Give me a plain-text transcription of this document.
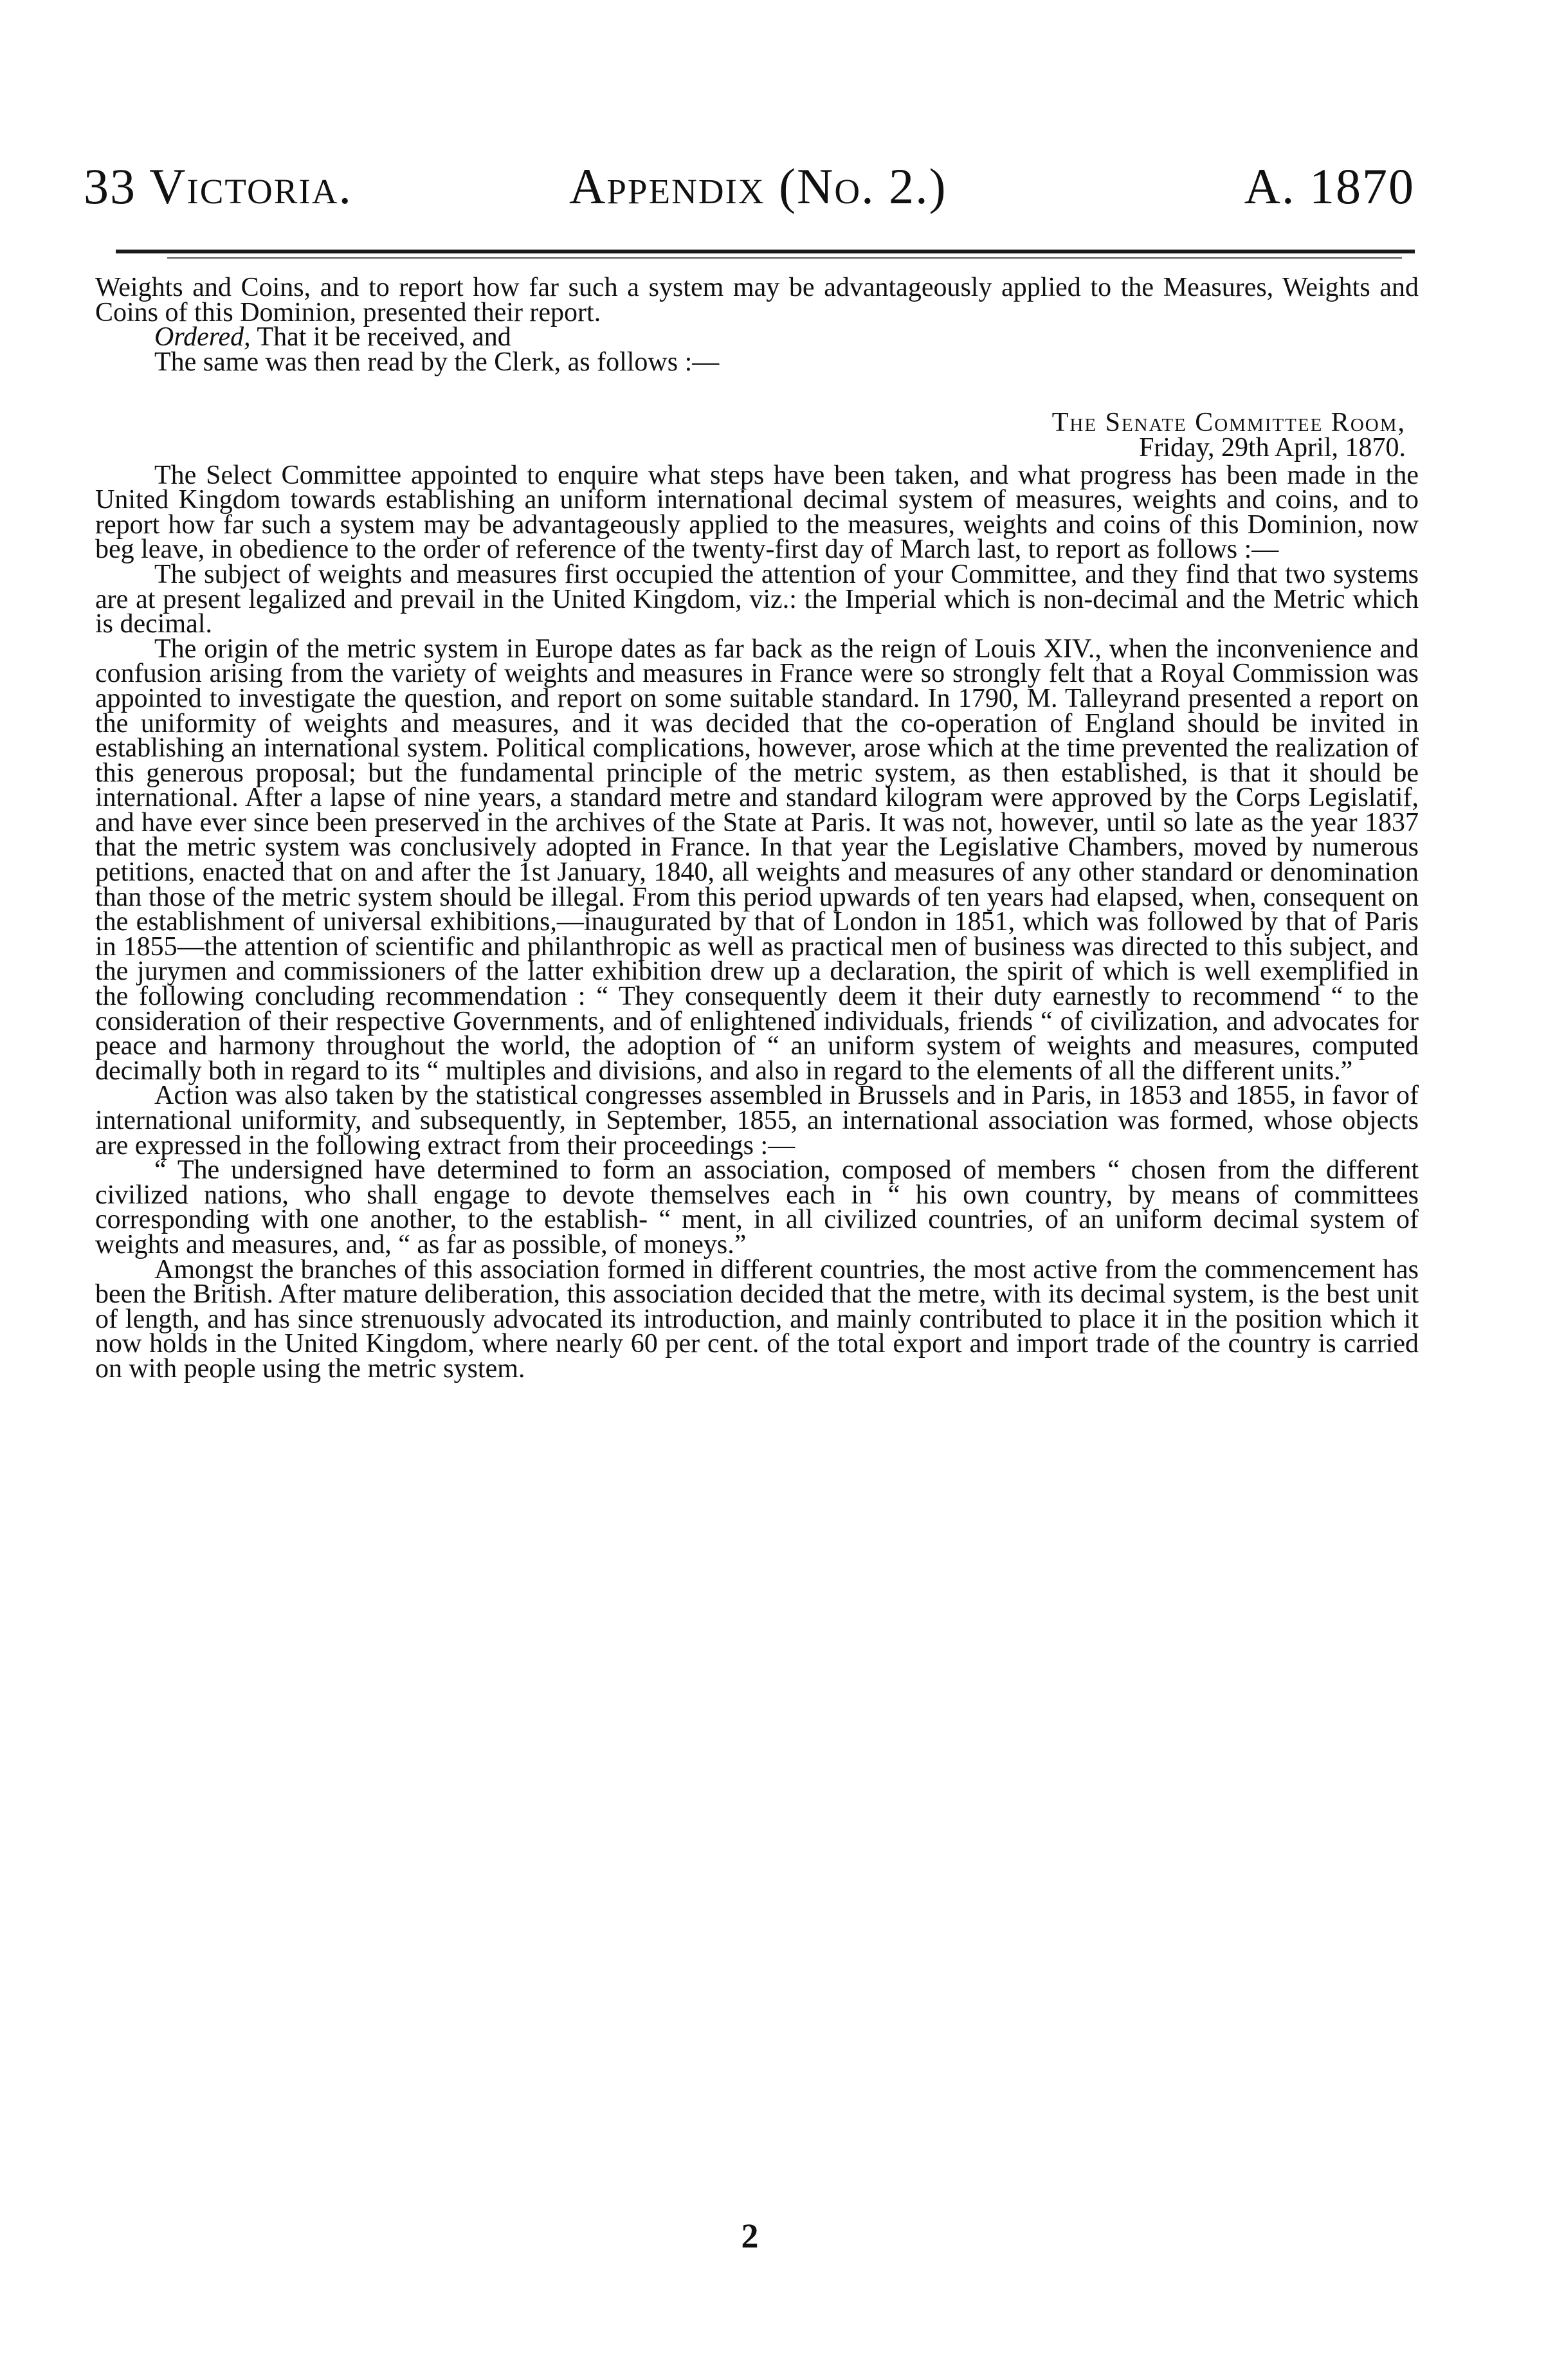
33 Victoria.	Appendix (No. 2.)	A. 1870

Weights and Coins, and to report how far such a system may be advantageously applied to the Measures, Weights and Coins of this Dominion, presented their report.

Ordered, That it be received, and

The same was then read by the Clerk, as follows :—

The Senate Committee Room,
Friday, 29th April, 1870.

The Select Committee appointed to enquire what steps have been taken, and what progress has been made in the United Kingdom towards establishing an uniform international decimal system of measures, weights and coins, and to report how far such a system may be advantageously applied to the measures, weights and coins of this Dominion, now beg leave, in obedience to the order of reference of the twenty-first day of March last, to report as follows :—

The subject of weights and measures first occupied the attention of your Committee, and they find that two systems are at present legalized and prevail in the United Kingdom, viz.: the Imperial which is non-decimal and the Metric which is decimal.

The origin of the metric system in Europe dates as far back as the reign of Louis XIV., when the inconvenience and confusion arising from the variety of weights and measures in France were so strongly felt that a Royal Commission was appointed to investigate the question, and report on some suitable standard. In 1790, M. Talleyrand presented a report on the uniformity of weights and measures, and it was decided that the co-operation of England should be invited in establishing an international system. Political complications, however, arose which at the time prevented the realization of this generous proposal; but the fundamental principle of the metric system, as then established, is that it should be international. After a lapse of nine years, a standard metre and standard kilogram were approved by the Corps Legislatif, and have ever since been preserved in the archives of the State at Paris. It was not, however, until so late as the year 1837 that the metric system was conclusively adopted in France. In that year the Legislative Chambers, moved by numerous petitions, enacted that on and after the 1st January, 1840, all weights and measures of any other standard or denomination than those of the metric system should be illegal. From this period upwards of ten years had elapsed, when, consequent on the establishment of universal exhibitions,—inaugurated by that of London in 1851, which was followed by that of Paris in 1855—the attention of scientific and philanthropic as well as practical men of business was directed to this subject, and the jurymen and commissioners of the latter exhibition drew up a declaration, the spirit of which is well exemplified in the following concluding recommendation : “ They consequently deem it their duty earnestly to recommend “ to the consideration of their respective Governments, and of enlightened individuals, friends “ of civilization, and advocates for peace and harmony throughout the world, the adoption of “ an uniform system of weights and measures, computed decimally both in regard to its “ multiples and divisions, and also in regard to the elements of all the different units.”

Action was also taken by the statistical congresses assembled in Brussels and in Paris, in 1853 and 1855, in favor of international uniformity, and subsequently, in September, 1855, an international association was formed, whose objects are expressed in the following extract from their proceedings :—

“ The undersigned have determined to form an association, composed of members “ chosen from the different civilized nations, who shall engage to devote themselves each in “ his own country, by means of committees corresponding with one another, to the establish- “ ment, in all civilized countries, of an uniform decimal system of weights and measures, and, “ as far as possible, of moneys.”

Amongst the branches of this association formed in different countries, the most active from the commencement has been the British. After mature deliberation, this association decided that the metre, with its decimal system, is the best unit of length, and has since strenuously advocated its introduction, and mainly contributed to place it in the position which it now holds in the United Kingdom, where nearly 60 per cent. of the total export and import trade of the country is carried on with people using the metric system.

2
